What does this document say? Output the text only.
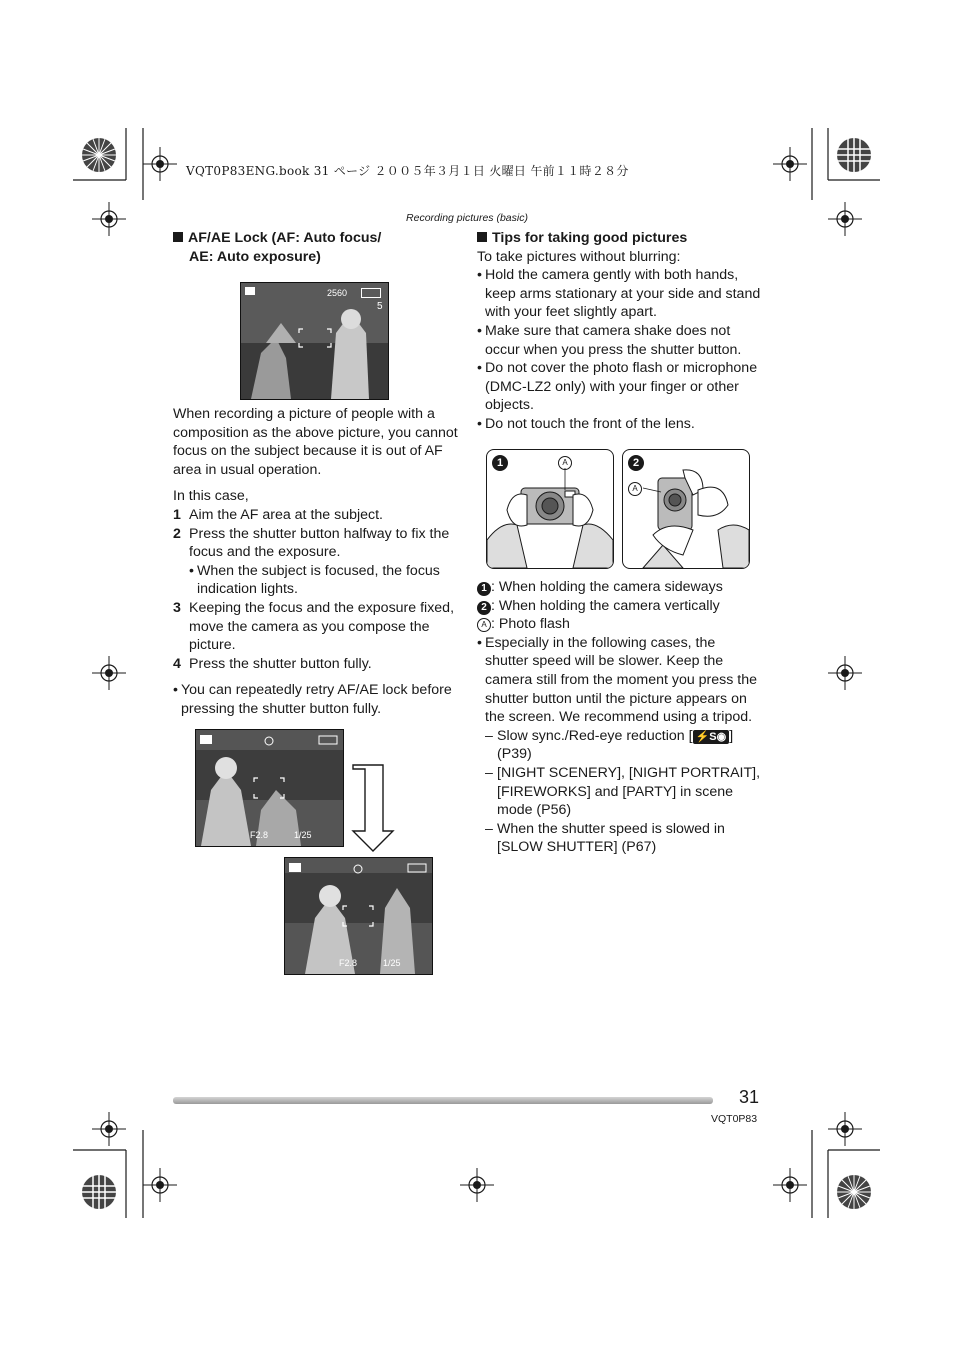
VQT0P83ENG.book 31 ページ ２００５年３月１日 火曜日 午前１１時２８分
Recording pictures (basic)

AF/AE Lock (AF: Auto focus/

AE: Auto exposure)

2560
5

When recording a picture of people with a composition as the above picture, you cannot focus on the subject because it is out of AF area in usual operation.

In this case,

1 Aim the AF area at the subject.
2 Press the shutter button halfway to fix the focus and the exposure.
• When the subject is focused, the focus indication lights.
3 Keeping the focus and the exposure fixed, move the camera as you compose the picture.
4 Press the shutter button fully.
• You can repeatedly retry AF/AE lock before pressing the shutter button fully.
F2.8	1/25
F2.8	1/25

Tips for taking good pictures

To take pictures without blurring:

• Hold the camera gently with both hands, keep arms stationary at your side and stand with your feet slightly apart.
• Make sure that camera shake does not occur when you press the shutter button.
• Do not cover the photo flash or microphone (DMC-LZ2 only) with your finger or other objects.
• Do not touch the front of the lens.
1	A	2
A

1 : When holding the camera sideways

2 : When holding the camera vertically

A : Photo flash

• Especially in the following cases, the shutter speed will be slower. Keep the camera still from the moment you press the shutter button until the picture appears on the screen. We recommend using a tripod.
– Slow sync./Red-eye reduction [ ⚡S◉ ] (P39)
– [NIGHT SCENERY], [NIGHT PORTRAIT], [FIREWORKS] and [PARTY] in scene mode (P56)
– When the shutter speed is slowed in [SLOW SHUTTER] (P67)
31
VQT0P83
